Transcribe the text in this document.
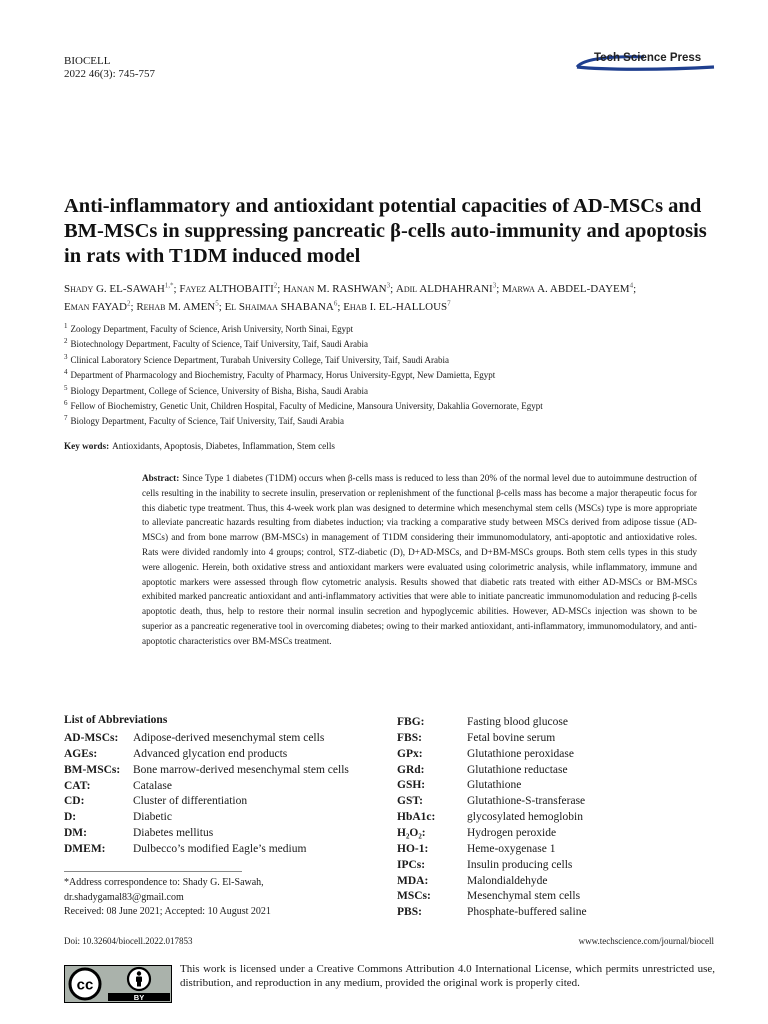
BIOCELL
2022 46(3): 745-757
Tech Science Press
Anti-inflammatory and antioxidant potential capacities of AD-MSCs and BM-MSCs in suppressing pancreatic β-cells auto-immunity and apoptosis in rats with T1DM induced model
Shady G. EL-SAWAH$^{1,*}$; Fayez ALTHOBAITI$^2$; Hanan M. RASHWAN$^3$; Adil ALDHAHRANI$^3$; Marwa A. ABDEL-DAYEM$^4$;
Eman FAYAD$^2$; Rehab M. AMEN$^5$; El Shaimaa SHABANA$^6$; Ehab I. EL-HALLOUS$^7$
$^1$ Zoology Department, Faculty of Science, Arish University, North Sinai, Egypt
$^2$ Biotechnology Department, Faculty of Science, Taif University, Taif, Saudi Arabia
$^3$ Clinical Laboratory Science Department, Turabah University College, Taif University, Taif, Saudi Arabia
$^4$ Department of Pharmacology and Biochemistry, Faculty of Pharmacy, Horus University-Egypt, New Damietta, Egypt
$^5$ Biology Department, College of Science, University of Bisha, Bisha, Saudi Arabia
$^6$ Fellow of Biochemistry, Genetic Unit, Children Hospital, Faculty of Medicine, Mansoura University, Dakahlia Governorate, Egypt
$^7$ Biology Department, Faculty of Science, Taif University, Taif, Saudi Arabia
Key words: Antioxidants, Apoptosis, Diabetes, Inflammation, Stem cells
Abstract: Since Type 1 diabetes (T1DM) occurs when β-cells mass is reduced to less than 20% of the normal level due to autoimmune destruction of cells resulting in the inability to secrete insulin, preservation or replenishment of the functional β-cells mass has become a major therapeutic focus for this diabetic type treatment. Thus, this 4-week work plan was designed to determine which mesenchymal stem cells (MSCs) type is more appropriate to alleviate pancreatic hazards resulting from diabetes induction; via tracking a comparative study between MSCs derived from adipose tissue (AD-MSCs) and from bone marrow (BM-MSCs) in management of T1DM considering their immunomodulatory, anti-apoptotic and antioxidative roles. Rats were divided randomly into 4 groups; control, STZ-diabetic (D), D+AD-MSCs, and D+BM-MSCs groups. Both stem cells types in this study were allogenic. Herein, both oxidative stress and antioxidant markers were evaluated using colorimetric analysis, while inflammatory, immune and apoptotic markers were assessed through flow cytometric analysis. Results showed that diabetic rats treated with either AD-MSCs or BM-MSCs exhibited marked pancreatic antioxidant and anti-inflammatory activities that were able to initiate pancreatic immunomodulation and reducing β-cells apoptotic death, thus, help to restore their normal insulin secretion and hypoglycemic abilities. However, AD-MSCs injection was shown to be superior as a pancreatic regenerative tool in overcoming diabetes; owing to their marked antioxidant, anti-inflammatory, immunomodulatory, and anti-apoptotic characteristics over BM-MSCs treatment.
List of Abbreviations
AD-MSCs: Adipose-derived mesenchymal stem cells
AGEs:	Advanced glycation end products
BM-MSCs: Bone marrow-derived mesenchymal stem cells
CAT:	Catalase
CD:	Cluster of differentiation
D:	Diabetic
DM:	Diabetes mellitus
DMEM: Dulbecco’s modified Eagle’s medium
FBG:	Fasting blood glucose
FBS:	Fetal bovine serum
GPx:	Glutathione peroxidase
GRd:	Glutathione reductase
GSH:	Glutathione
GST:	Glutathione-S-transferase
HbA1c:	glycosylated hemoglobin
H₂O₂:	Hydrogen peroxide
HO-1:	Heme-oxygenase 1
IPCs:	Insulin producing cells
MDA:	Malondialdehyde
MSCs:	Mesenchymal stem cells
PBS:	Phosphate-buffered saline
*Address correspondence to: Shady G. El-Sawah,
dr.shadygamal83@gmail.com
Received: 08 June 2021; Accepted: 10 August 2021
Doi: 10.32604/biocell.2022.017853	www.techscience.com/journal/biocell
cc
BY
This work is licensed under a Creative Commons Attribution 4.0 International License, which permits unrestricted use, distribution, and reproduction in any medium, provided the original work is properly cited.
